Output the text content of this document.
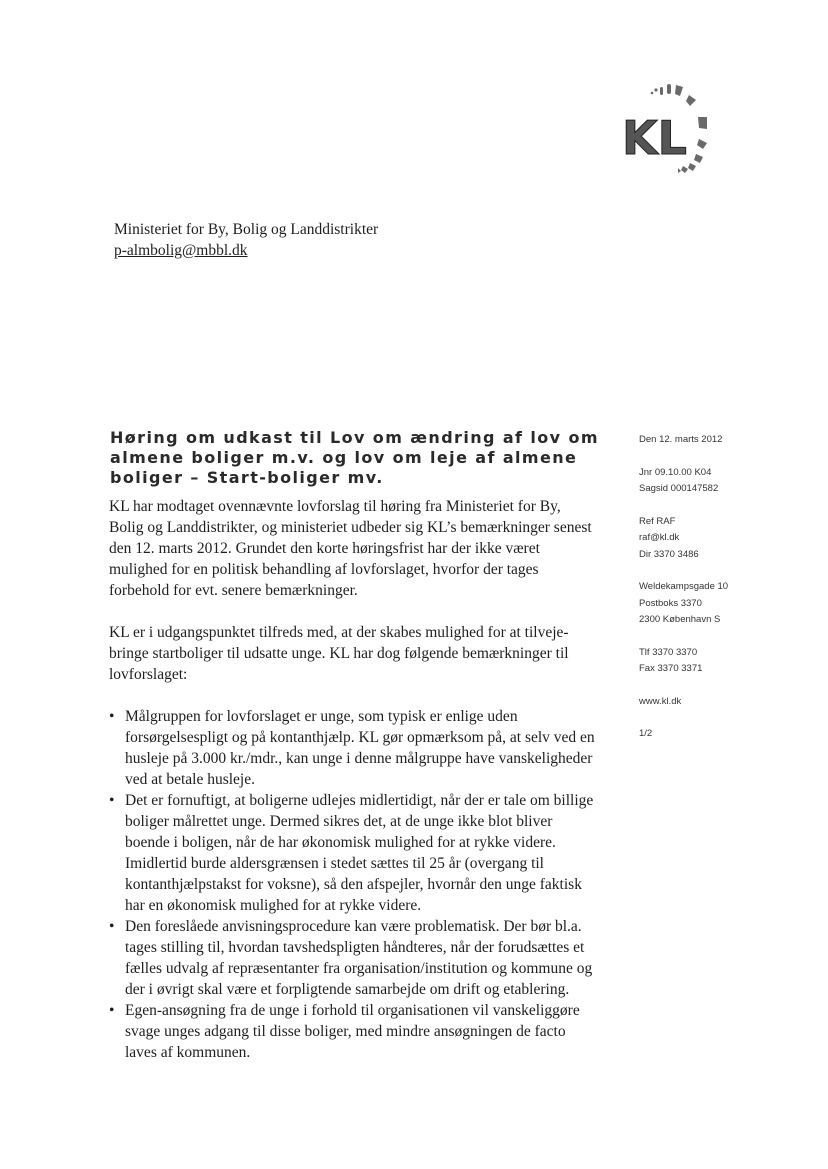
KL
Ministeriet for By, Bolig og Landdistrikter
p-almbolig@mbbl.dk
Høring om udkast til Lov om ændring af lov om almene boliger m.v. og lov om leje af almene boliger – Start-boliger mv.

KL har modtaget ovennævnte lovforslag til høring fra Ministeriet for By, Bolig og Landdistrikter, og ministeriet udbeder sig KL’s bemærkninger senest den 12. marts 2012. Grundet den korte høringsfrist har der ikke været mulighed for en politisk behandling af lovforslaget, hvorfor der tages forbehold for evt. senere bemærkninger.

KL er i udgangspunktet tilfreds med, at der skabes mulighed for at tilveje-bringe startboliger til udsatte unge. KL har dog følgende bemærkninger til lovforslaget:

• Målgruppen for lovforslaget er unge, som typisk er enlige uden forsørgelsespligt og på kontanthjælp. KL gør opmærksom på, at selv ved en husleje på 3.000 kr./mdr., kan unge i denne målgruppe have vanskeligheder ved at betale husleje.
• Det er fornuftigt, at boligerne udlejes midlertidigt, når der er tale om billige boliger målrettet unge. Dermed sikres det, at de unge ikke blot bliver boende i boligen, når de har økonomisk mulighed for at rykke videre. Imidlertid burde aldersgrænsen i stedet sættes til 25 år (overgang til kontanthjælpstakst for voksne), så den afspejler, hvornår den unge faktisk har en økonomisk mulighed for at rykke videre.
• Den foreslåede anvisningsprocedure kan være problematisk. Der bør bl.a. tages stilling til, hvordan tavshedspligten håndteres, når der forudsættes et fælles udvalg af repræsentanter fra organisation/institution og kommune og der i øvrigt skal være et forpligtende samarbejde om drift og etablering.
• Egen-ansøgning fra de unge i forhold til organisationen vil vanskeliggøre svage unges adgang til disse boliger, med mindre ansøgningen de facto laves af kommunen.
Den 12. marts 2012
Jnr 09.10.00 K04
Sagsid 000147582
Ref RAF
raf@kl.dk
Dir 3370 3486
Weldekampsgade 10
Postboks 3370
2300 København S
Tlf 3370 3370
Fax 3370 3371
www.kl.dk
1/2
